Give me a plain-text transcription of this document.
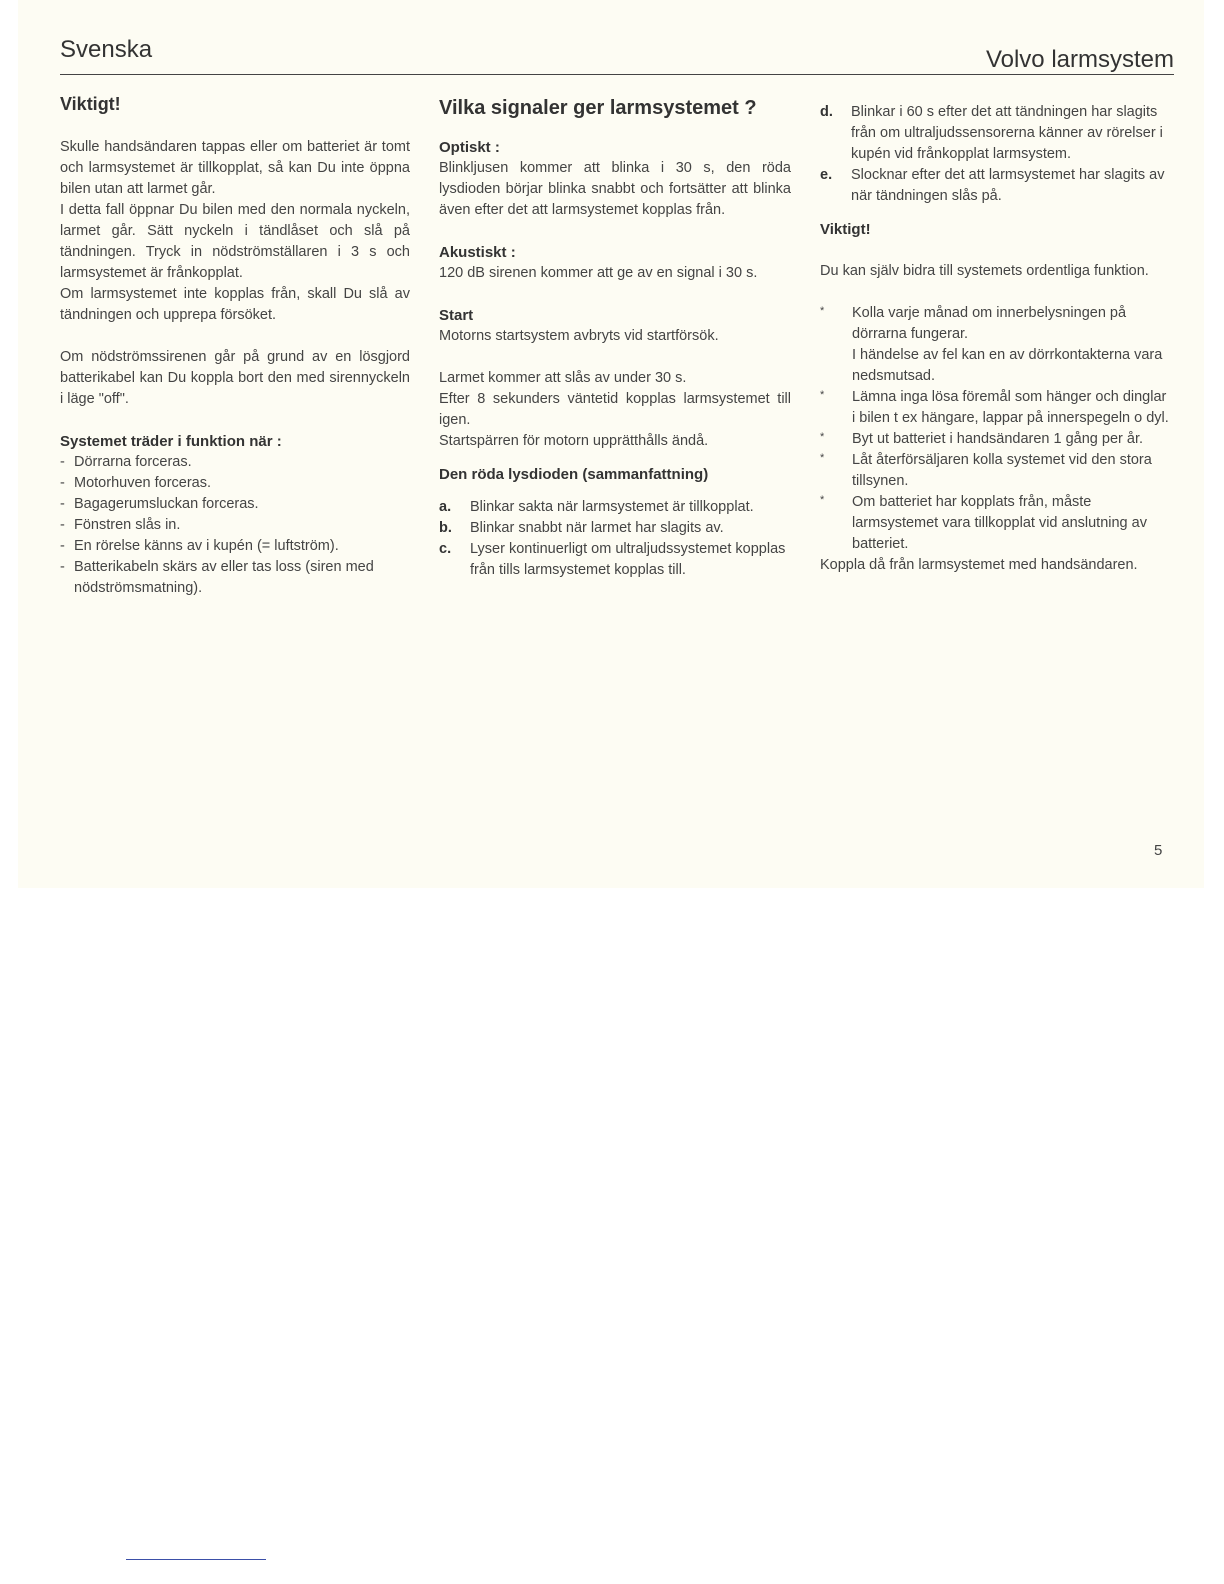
Svenska	Volvo larmsystem
Viktigt!

Skulle handsändaren tappas eller om batteriet är tomt och larmsystemet är tillkopplat, så kan Du inte öppna bilen utan att larmet går.

I detta fall öppnar Du bilen med den normala nyckeln, larmet går. Sätt nyckeln i tändlåset och slå på tändningen. Tryck in nödströmställaren i 3 s och larmsystemet är frånkopplat.

Om larmsystemet inte kopplas från, skall Du slå av tändningen och upprepa försöket.

Om nödströmssirenen går på grund av en lösgjord batterikabel kan Du koppla bort den med sirennyckeln i läge "off".

Systemet träder i funktion när :
- Dörrarna forceras.
- Motorhuven forceras.
- Bagagerumsluckan forceras.
- Fönstren slås in.
- En rörelse känns av i kupén (= luftström).
- Batterikabeln skärs av eller tas loss (siren med nödströmsmatning).
Vilka signaler ger larmsystemet ?
Optiskt :

Blinkljusen kommer att blinka i 30 s, den röda lysdioden börjar blinka snabbt och fortsätter att blinka även efter det att larmsystemet kopplas från.

Akustiskt :

120 dB sirenen kommer att ge av en signal i 30 s.

Start

Motorns startsystem avbryts vid startförsök.

Larmet kommer att slås av under 30 s.

Efter 8 sekunders väntetid kopplas larmsystemet till igen.

Startspärren för motorn upprätthålls ändå.

Den röda lysdioden (sammanfattning)
a. Blinkar sakta när larmsystemet är tillkopplat.
b. Blinkar snabbt när larmet har slagits av.
c. Lyser kontinuerligt om ultraljudssystemet kopplas från tills larmsystemet kopplas till.
d. Blinkar i 60 s efter det att tändningen har slagits från om ultraljudssensorerna känner av rörelser i kupén vid frånkopplat larmsystem.
e. Slocknar efter det att larmsystemet har slagits av när tändningen slås på.
Viktigt!

Du kan själv bidra till systemets ordentliga funktion.

* Kolla varje månad om innerbelysningen på dörrarna fungerar.
I händelse av fel kan en av dörrkontakterna vara nedsmutsad.
* Lämna inga lösa föremål som hänger och dinglar i bilen t ex hängare, lappar på innerspegeln o dyl.
* Byt ut batteriet i handsändaren 1 gång per år.
* Låt återförsäljaren kolla systemet vid den stora tillsynen.
* Om batteriet har kopplats från, måste larmsystemet vara tillkopplat vid anslutning av batteriet.

Koppla då från larmsystemet med handsändaren.

5
